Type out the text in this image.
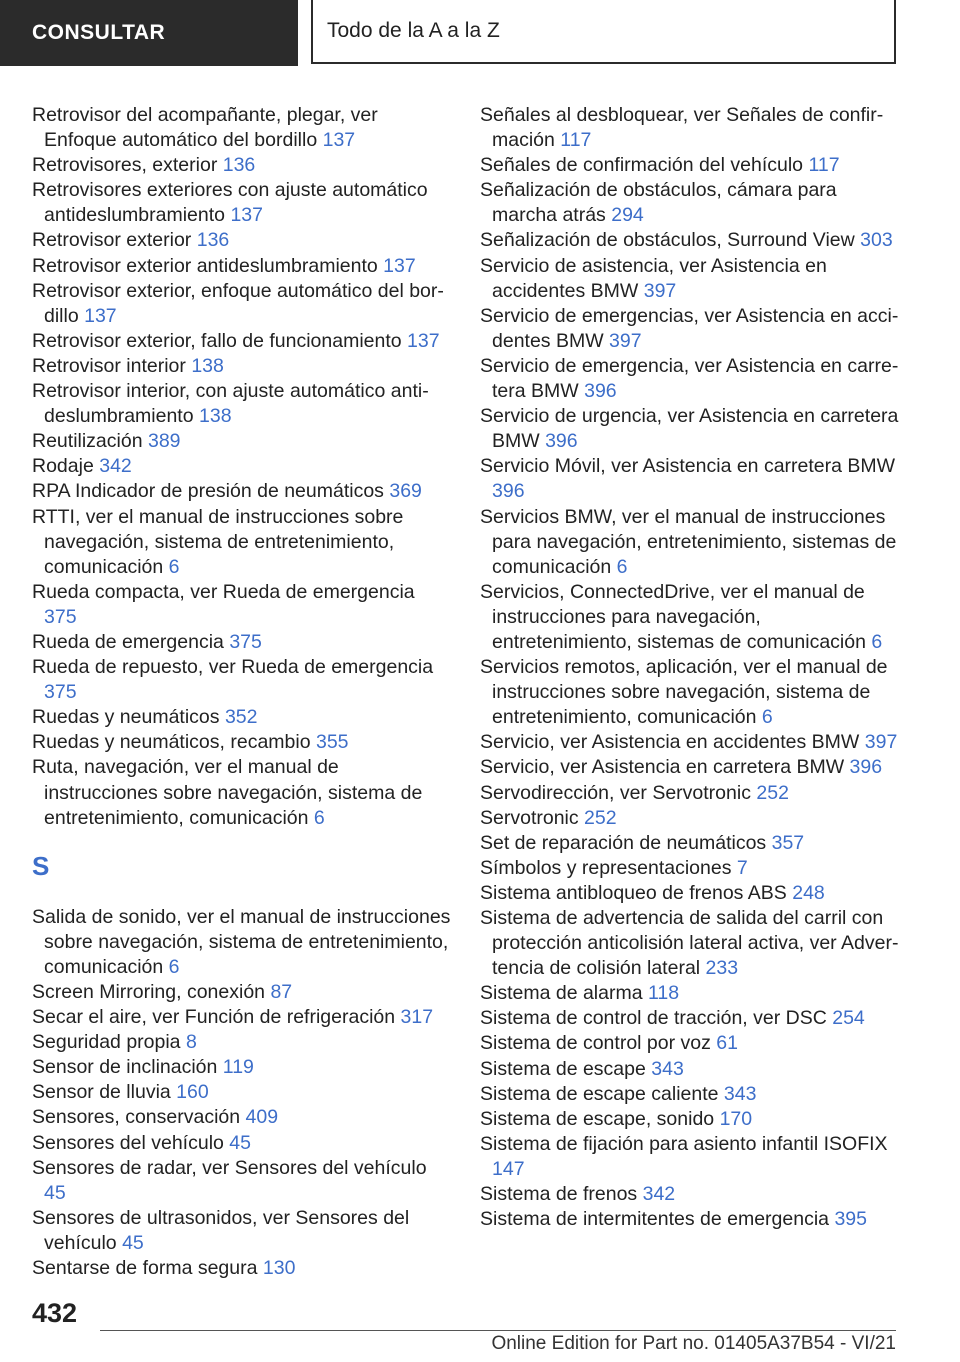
CONSULTAR	Todo de la A a la Z

Retrovisor del acompañante, plegar, ver Enfoque automático del bordillo 137

Retrovisores, exterior 136

Retrovisores exteriores con ajuste automático antideslumbramiento 137

Retrovisor exterior 136

Retrovisor exterior antideslumbramiento 137

Retrovisor exterior, enfoque automático del bordillo 137

Retrovisor exterior, fallo de funcionamiento 137

Retrovisor interior 138

Retrovisor interior, con ajuste automático antideslumbramiento 138

Reutilización 389

Rodaje 342

RPA Indicador de presión de neumáticos 369

RTTI, ver el manual de instrucciones sobre navegación, sistema de entretenimiento, comunicación 6

Rueda compacta, ver Rueda de emergencia 375

Rueda de emergencia 375

Rueda de repuesto, ver Rueda de emergencia 375

Ruedas y neumáticos 352

Ruedas y neumáticos, recambio 355

Ruta, navegación, ver el manual de instrucciones sobre navegación, sistema de entretenimiento, comunicación 6

S

Salida de sonido, ver el manual de instrucciones sobre navegación, sistema de entretenimiento, comunicación 6

Screen Mirroring, conexión 87

Secar el aire, ver Función de refrigeración 317

Seguridad propia 8

Sensor de inclinación 119

Sensor de lluvia 160

Sensores, conservación 409

Sensores del vehículo 45

Sensores de radar, ver Sensores del vehículo 45

Sensores de ultrasonidos, ver Sensores del vehículo 45

Sentarse de forma segura 130

Señales al desbloquear, ver Señales de confirmación 117

Señales de confirmación del vehículo 117

Señalización de obstáculos, cámara para marcha atrás 294

Señalización de obstáculos, Surround View 303

Servicio de asistencia, ver Asistencia en accidentes BMW 397

Servicio de emergencias, ver Asistencia en accidentes BMW 397

Servicio de emergencia, ver Asistencia en carretera BMW 396

Servicio de urgencia, ver Asistencia en carretera BMW 396

Servicio Móvil, ver Asistencia en carretera BMW 396

Servicios BMW, ver el manual de instrucciones para navegación, entretenimiento, sistemas de comunicación 6

Servicios, ConnectedDrive, ver el manual de instrucciones para navegación, entretenimiento, sistemas de comunicación 6

Servicios remotos, aplicación, ver el manual de instrucciones sobre navegación, sistema de entretenimiento, comunicación 6

Servicio, ver Asistencia en accidentes BMW 397

Servicio, ver Asistencia en carretera BMW 396

Servodirección, ver Servotronic 252

Servotronic 252

Set de reparación de neumáticos 357

Símbolos y representaciones 7

Sistema antibloqueo de frenos ABS 248

Sistema de advertencia de salida del carril con protección anticolisión lateral activa, ver Advertencia de colisión lateral 233

Sistema de alarma 118

Sistema de control de tracción, ver DSC 254

Sistema de control por voz 61

Sistema de escape 343

Sistema de escape caliente 343

Sistema de escape, sonido 170

Sistema de fijación para asiento infantil ISOFIX 147

Sistema de frenos 342

Sistema de intermitentes de emergencia 395

432
Online Edition for Part no. 01405A37B54 - VI/21
